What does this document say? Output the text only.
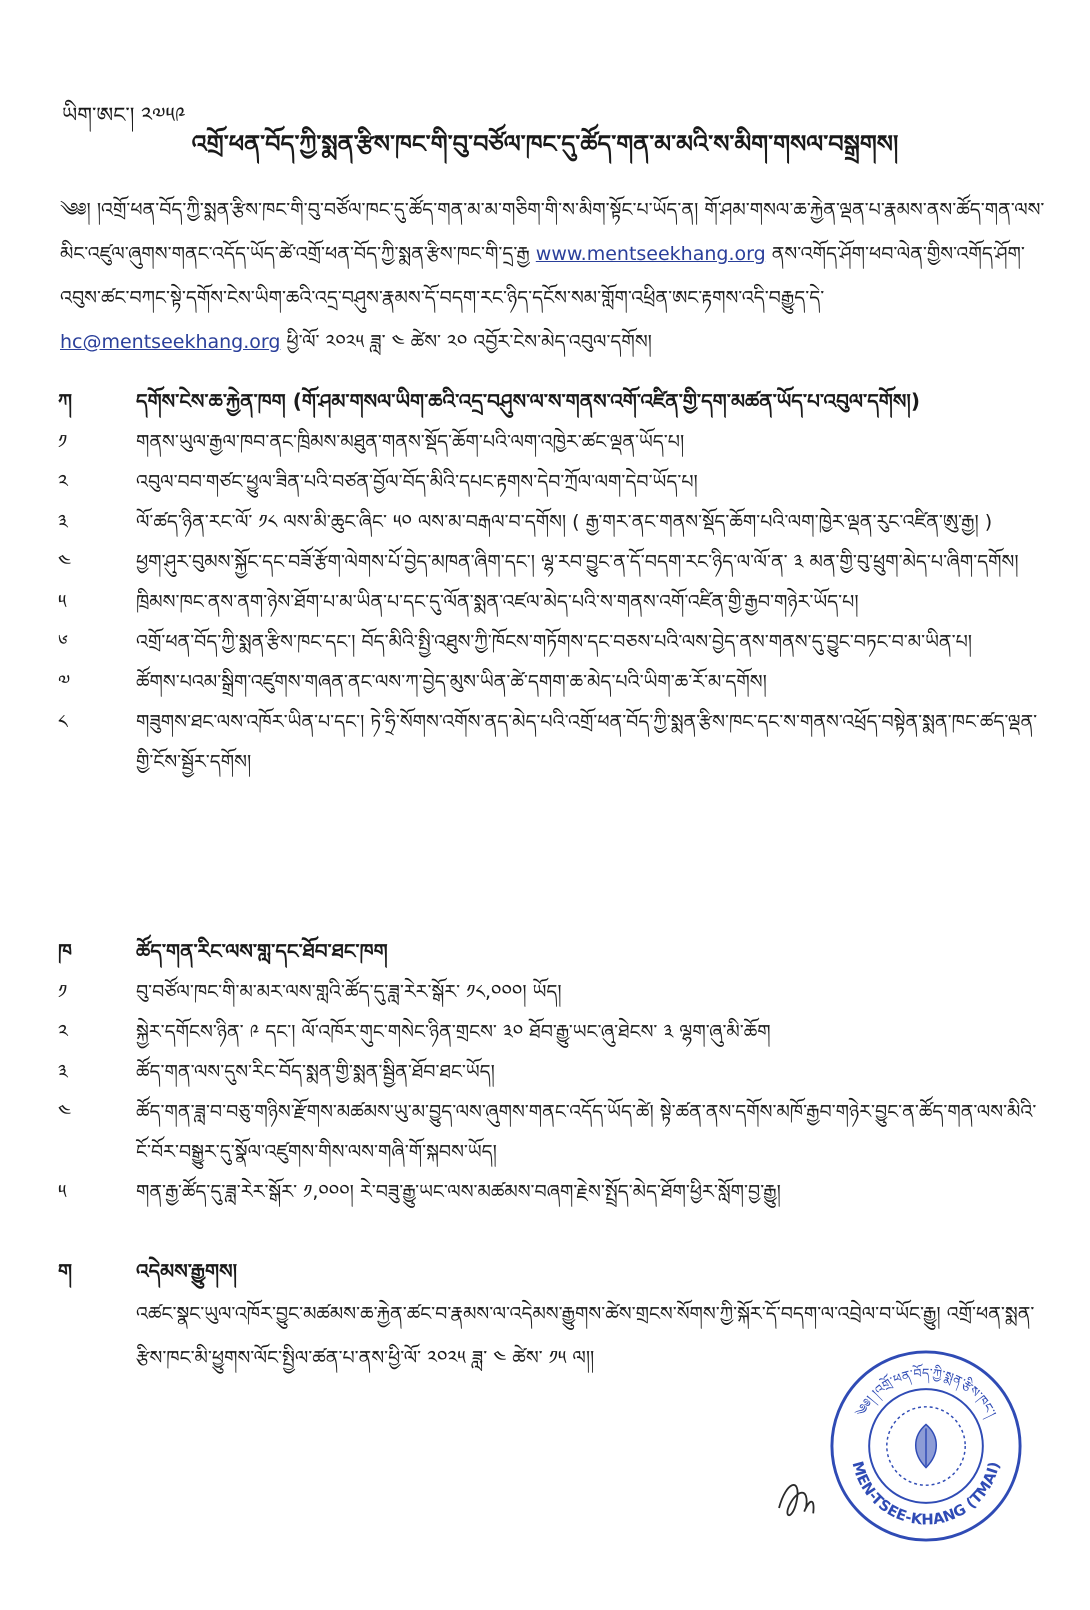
ཡིག་ཨང་། ༢༧༥༩
འགྲོ་ཕན་བོད་ཀྱི་སྨན་རྩིས་ཁང་གི་བུ་བཙོལ་ཁང་དུ་ཚོད་གན་མ་མའི་ས་མིག་གསལ་བསྒྲགས།
༄༅། །འགྲོ་ཕན་བོད་ཀྱི་སྨན་རྩིས་ཁང་གི་བུ་བཙོལ་ཁང་དུ་ཚོད་གན་མ་མ་གཅིག་གི་ས་མིག་སྟོང་པ་ཡོད་ན། གོ་ཤམ་གསལ་ཆ་རྐྱེན་ལྡན་པ་རྣམས་ནས་ཚོད་གན་ལས་མིང་འཛུལ་ཞུགས་གནང་འདོད་ཡོད་ཚེ་འགྲོ་ཕན་བོད་ཀྱི་སྨན་རྩིས་ཁང་གི་དྲ་རྒྱ www.mentseekhang.org ནས་འགོད་ཤོག་ཕབ་ལེན་གྱིས་འགོད་ཤོག་འབུས་ཚང་བཀང་སྟེ་དགོས་ངེས་ཡིག་ཆའི་འདྲ་བཤུས་རྣམས་དོ་བདག་རང་ཉིད་དངོས་སམ་གློག་འཕྲིན་ཨང་རྟགས་འདི་བརྒྱུད་དེ་ hc@mentseekhang.org ཕྱི་ལོ་ ༢༠༢༥ ཟླ་ ༤ ཚེས་ ༢༠ འབྱོར་ངེས་མེད་འབུལ་དགོས།
ཀ	དགོས་ངེས་ཆ་རྐྱེན་ཁག (གོ་ཤམ་གསལ་ཡིག་ཆའི་འདྲ་བཤུས་ལ་ས་གནས་འགོ་འཛིན་གྱི་དག་མཚན་ཡོད་པ་འབུལ་དགོས།)
༡	གནས་ཡུལ་རྒྱལ་ཁབ་ནང་ཁྲིམས་མཐུན་གནས་སྡོད་ཆོག་པའི་ལག་འཁྱེར་ཚང་ལྡན་ཡོད་པ།
༢	འབུལ་བབ་གཙང་ཕྱུལ་ཟིན་པའི་བཙན་བྱོལ་བོད་མིའི་དཔང་རྟགས་དེབ་ཀྲོལ་ལག་དེབ་ཡོད་པ།
༣	ལོ་ཚད་ཉིན་རང་ལོ་ ༡༨ ལས་མི་ཆུང་ཞིང་ ༥༠ ལས་མ་བརྒལ་བ་དགོས། ( རྒྱ་གར་ནང་གནས་སྡོད་ཆོག་པའི་ལག་ཁྱེར་ལྡན་རུང་འཛིན་ཨུ་རྒྱ། )
༤	ཕྱག་ཤུར་བུམས་སྐྱོང་དང་བཟོ་རྩོག་ལེགས་པོ་བྱེད་མཁན་ཞིག་དང་། ལྷ་རབ་བྱུང་ན་དོ་བདག་རང་ཉིད་ལ་ལོ་ན་ ༣ མན་གྱི་བུ་ཕྲུག་མེད་པ་ཞིག་དགོས།
༥	ཁྲིམས་ཁང་ནས་ནག་ཉེས་ཐོག་པ་མ་ཡིན་པ་དང་དུ་ལོན་སྨན་འཛལ་མེད་པའི་ས་གནས་འགོ་འཛིན་གྱི་རྒྱབ་གཉེར་ཡོད་པ།
༦	འགྲོ་ཕན་བོད་ཀྱི་སྨན་རྩིས་ཁང་དང་། བོད་མིའི་སྤྱི་འཐུས་ཀྱི་ཁོངས་གཏོགས་དང་བཅས་པའི་ལས་བྱེད་ནས་གནས་དུ་བྱུང་བཏང་བ་མ་ཡིན་པ།
༧	ཚོགས་པའམ་སྒྲིག་འཛུགས་གཞན་ནང་ལས་ཀ་བྱེད་མུས་ཡིན་ཚེ་དགག་ཆ་མེད་པའི་ཡིག་ཆ་རོ་མ་དགོས།
༨	གཟུགས་ཐང་ལས་འཁོར་ཡིན་པ་དང་། ཏེ་ཧྲི་སོགས་འགོས་ནད་མེད་པའི་འགྲོ་ཕན་བོད་ཀྱི་སྨན་རྩིས་ཁང་དང་ས་གནས་འཕྲོད་བསྟེན་སྨན་ཁང་ཚད་ལྡན་གྱི་ངོས་སྦྱོར་དགོས།
ཁ	ཚོད་གན་རིང་ལས་གླ་དང་ཐོབ་ཐང་ཁག
༡	བུ་བཙོལ་ཁང་གི་མ་མར་ལས་གླའི་ཚོད་དུ་ཟླ་རེར་སྒོར་ ༡༨,༠༠༠། ཡོད།
༢	སྐྱེར་དགོངས་ཉིན་ ༩ དང་། ལོ་འཁོར་གུང་གསེང་ཉིན་གྲངས་ ༣༠ ཐོབ་རྒྱུ་ཡང་ཞུ་ཐེངས་ ༣ ལྷག་ཞུ་མི་ཆོག
༣	ཚོད་གན་ལས་དུས་རིང་བོད་སྨན་གྱི་སྨན་སྦྱིན་ཐོབ་ཐང་ཡོད།
༤	ཚོད་གན་ཟླ་བ་བཅུ་གཉིས་རྫོགས་མཚམས་ཡུ་མ་བྱུད་ལས་ཞུགས་གནང་འདོད་ཡོད་ཚེ། སྟེ་ཚན་ནས་དགོས་མཁོ་རྒྱབ་གཉེར་བྱུང་ན་ཚོད་གན་ལས་མིའི་ངོ་བོར་བསྒྱུར་དུ་སྣོལ་འཛུགས་གིས་ལས་གཞི་གོ་སྐབས་ཡོད།
༥	གན་རྒྱ་ཚོད་དུ་ཟླ་རེར་སྒོར་ ༡,༠༠༠། རེ་བཟུ་རྒྱུ་ཡང་ལས་མཚམས་བཞག་རྗེས་སྤྲོད་མེད་ཐོག་ཕྱིར་སློག་བྱ་རྒྱུ།
ག	འདེམས་རྒྱུགས།
འཚང་སྣང་ཡུལ་འཁོར་བྱུང་མཚམས་ཆ་རྐྱེན་ཚང་བ་རྣམས་ལ་འདེམས་རྒྱུགས་ཚེས་གྲངས་སོགས་ཀྱི་སྐོར་དོ་བདག་ལ་འབྲེལ་བ་ཡོང་རྒྱུ། འགྲོ་ཕན་སྨན་རྩིས་ཁང་མི་ཕྱུགས་ལོང་སྤྱིལ་ཚན་པ་ནས་ཕྱི་ལོ་ ༢༠༢༥ ཟླ་ ༤ ཚེས་ ༡༥ ལ།།
༄༅། །འགྲོ་ཕན་བོད་ཀྱི་སྨན་རྩིས་ཁང་།
MEN-TSEE-KHANG (TMAI)
